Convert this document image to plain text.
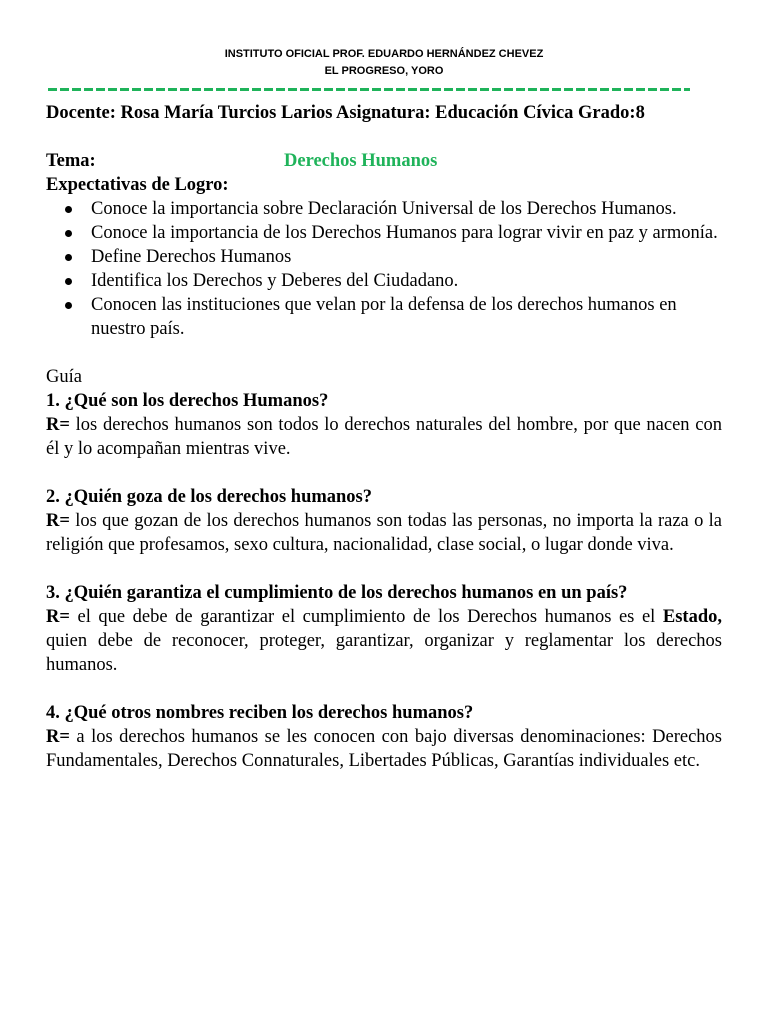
INSTITUTO OFICIAL PROF. EDUARDO HERNÁNDEZ CHEVEZ
EL PROGRESO, YORO
Docente: Rosa María Turcios Larios Asignatura: Educación Cívica Grado:8
Tema:	Derechos Humanos
Expectativas de Logro:
Conoce la importancia sobre Declaración Universal de los Derechos Humanos.
Conoce la importancia de los Derechos Humanos para lograr vivir en paz y armonía.
Define Derechos Humanos
Identifica los Derechos y Deberes del Ciudadano.
Conocen las instituciones que velan por la defensa de los derechos humanos en nuestro país.
Guía
1. ¿Qué son los derechos Humanos?
R= los derechos humanos son todos lo derechos naturales del hombre, por que nacen con él y lo acompañan mientras vive.
2. ¿Quién goza de los derechos humanos?
R= los que gozan de los derechos humanos son todas las personas, no importa la raza o la religión que profesamos, sexo cultura, nacionalidad, clase social, o lugar donde viva.
3. ¿Quién garantiza el cumplimiento de los derechos humanos en un país?
R= el que debe de garantizar el cumplimiento de los Derechos humanos es el Estado, quien debe de reconocer, proteger, garantizar, organizar y reglamentar los derechos humanos.
4. ¿Qué otros nombres reciben los derechos humanos?
R= a los derechos humanos se les conocen con bajo diversas denominaciones: Derechos Fundamentales, Derechos Connaturales, Libertades Públicas, Garantías individuales etc.
